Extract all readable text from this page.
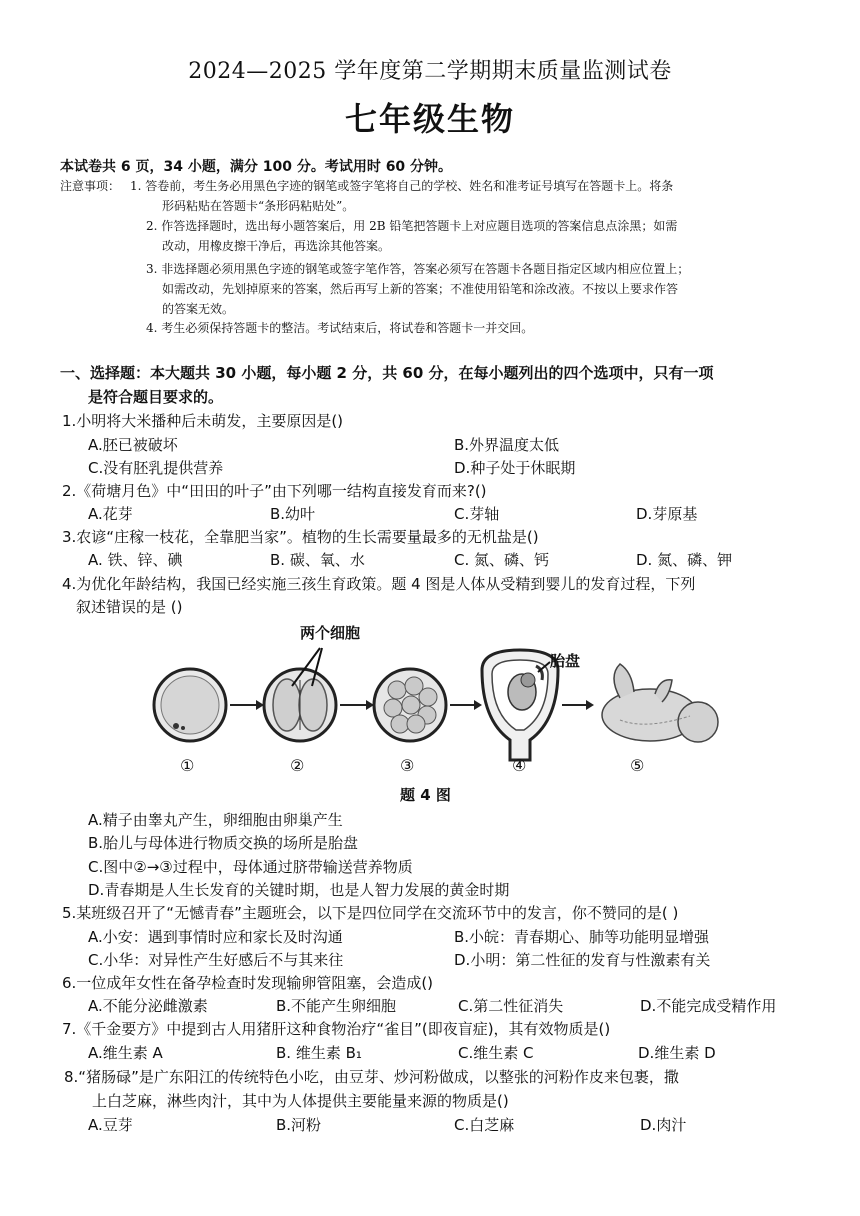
2024—2025 学年度第二学期期末质量监测试卷
七年级生物
本试卷共 6 页，34 小题，满分 100 分。考试用时 60 分钟。
注意事项： 1. 答卷前，考生务必用黑色字迹的钢笔或签字笔将自己的学校、姓名和准考证号填写在答题卡上。将条
形码粘贴在答题卡“条形码粘贴处”。
2. 作答选择题时，选出每小题答案后，用 2B 铅笔把答题卡上对应题目选项的答案信息点涂黑；如需
改动，用橡皮擦干净后，再选涂其他答案。
3. 非选择题必须用黑色字迹的钢笔或签字笔作答，答案必须写在答题卡各题目指定区域内相应位置上；
如需改动，先划掉原来的答案，然后再写上新的答案；不准使用铅笔和涂改液。不按以上要求作答
的答案无效。
4. 考生必须保持答题卡的整洁。考试结束后，将试卷和答题卡一并交回。
一、选择题：本大题共 30 小题，每小题 2 分，共 60 分，在每小题列出的四个选项中，只有一项
是符合题目要求的。
1.小明将大米播种后未萌发，主要原因是()
A.胚已被破坏	B.外界温度太低
C.没有胚乳提供营养	D.种子处于休眠期
2.《荷塘月色》中“田田的叶子”由下列哪一结构直接发育而来?()
A.花芽	B.幼叶	C.芽轴	D.芽原基
3.农谚“庄稼一枝花，全靠肥当家”。植物的生长需要量最多的无机盐是()
A. 铁、锌、碘	B. 碳、氧、水	C. 氮、磷、钙	D. 氮、磷、钾
4.为优化年龄结构，我国已经实施三孩生育政策。题 4 图是人体从受精到婴儿的发育过程，下列
叙述错误的是 ()
两个细胞
胎盘
①	②	③	④	⑤
题 4 图
A.精子由睾丸产生，卵细胞由卵巢产生
B.胎儿与母体进行物质交换的场所是胎盘
C.图中②→③过程中，母体通过脐带输送营养物质
D.青春期是人生长发育的关键时期，也是人智力发展的黄金时期
5.某班级召开了“无憾青春”主题班会，以下是四位同学在交流环节中的发言，你不赞同的是( )
A.小安：遇到事情时应和家长及时沟通	B.小皖：青春期心、肺等功能明显增强
C.小华：对异性产生好感后不与其来往	D.小明：第二性征的发育与性激素有关
6.一位成年女性在备孕检查时发现输卵管阻塞，会造成()
A.不能分泌雌激素	B.不能产生卵细胞	C.第二性征消失	D.不能完成受精作用
7.《千金要方》中提到古人用猪肝这种食物治疗“雀目”(即夜盲症)，其有效物质是()
A.维生素 A	B. 维生素 B₁	C.维生素 C	D.维生素 D
8.“猪肠碌”是广东阳江的传统特色小吃，由豆芽、炒河粉做成，以整张的河粉作皮来包裹，撒
上白芝麻，淋些肉汁，其中为人体提供主要能量来源的物质是()
A.豆芽	B.河粉	C.白芝麻	D.肉汁
